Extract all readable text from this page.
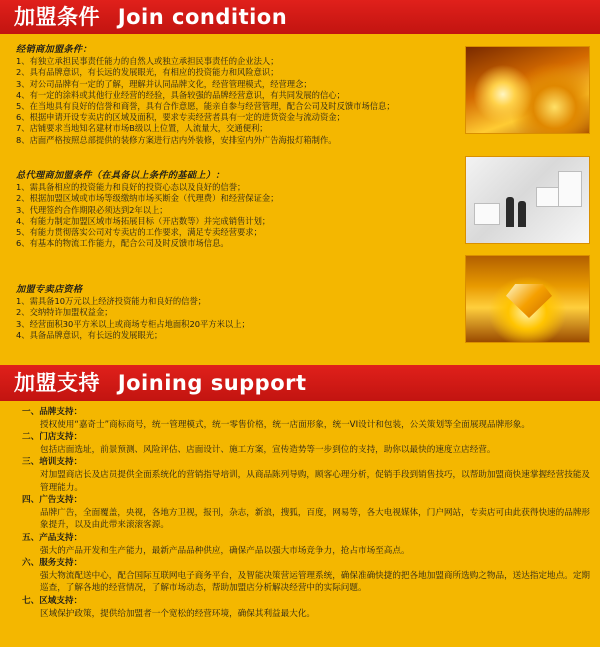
加盟条件 Join condition
经销商加盟条件：
1、有独立承担民事责任能力的自然人或独立承担民事责任的企业法人；
2、具有品牌意识，有长远的发展眼光，有相应的投资能力和风险意识；
3、对公司品牌有一定的了解，理解并认同品牌文化，经营管理模式，经营理念；
4、有一定的涂料或其他行业经营的经验，具备较强的品牌经营意识，有共同发展的信心；
5、在当地具有良好的信誉和商誉，具有合作意愿，能亲自参与经营管理，配合公司及时反馈市场信息；
6、根据申请开设专卖店的区域及面积，要求专卖经营者具有一定的进货资金与流动资金；
7、店铺要求当地知名建材市场B级以上位置，人流量大，交通便利；
8、店面严格按照总部提供的装修方案进行店内外装修，安排室内外广告海报灯箱制作。
总代理商加盟条件（在具备以上条件的基础上）：
1、需具备相应的投资能力和良好的投资心态以及良好的信誉；
2、根据加盟区域或市场等级缴纳市场买断金（代理费）和经营保证金；
3、代理签约合作期限必须达到2年以上；
4、有能力制定加盟区域市场拓展目标（开店数等）并完成销售计划；
5、有能力贯彻落实公司对专卖店的工作要求，满足专卖经营要求；
6、有基本的物流工作能力，配合公司及时反馈市场信息。
加盟专卖店资格
1、需具备10万元以上经济投资能力和良好的信誉；
2、交纳特许加盟权益金；
3、经营面积30平方米以上或商场专柜占地面积20平方米以上；
4、具备品牌意识，有长远的发展眼光；
加盟支持 Joining support
一、品牌支持：
授权使用“嘉奇士”商标商号，统一管理模式，统一零售价格，统一店面形象，统一VI设计和包装，公关策划等全面展现品牌形象。
二、门店支持：
包括店面选址，前景预测、风险评估、店面设计、施工方案，宣传造势等一步到位的支持，助你以最快的速度立店经营。
三、培训支持：
对加盟商店长及店员提供全面系统化的营销指导培训，从商品陈列导购，顾客心理分析，促销手段到销售技巧，以帮助加盟商快速掌握经营技能及管理能力。
四、广告支持：
品牌广告，全面覆盖，央视，各地方卫视，报刊，杂志，新浪，搜狐，百度，网易等，各大电视媒体，门户网站，专卖店可由此获得快速的品牌形象提升，以及由此带来滚滚客源。
五、产品支持：
强大的产品开发和生产能力，最新产品品种供应，确保产品以强大市场竞争力，抢占市场至高点。
六、服务支持：
强大物流配送中心，配合国际互联网电子商务平台，及智能决策营运管理系统，确保准确快捷的把各地加盟商所选购之物品，送达指定地点。定期巡查，了解各地的经营情况，了解市场动态，帮助加盟店分析解决经营中的实际问题。
七、区域支持：
区域保护政策，提供给加盟者一个宽松的经营环境，确保其利益最大化。
